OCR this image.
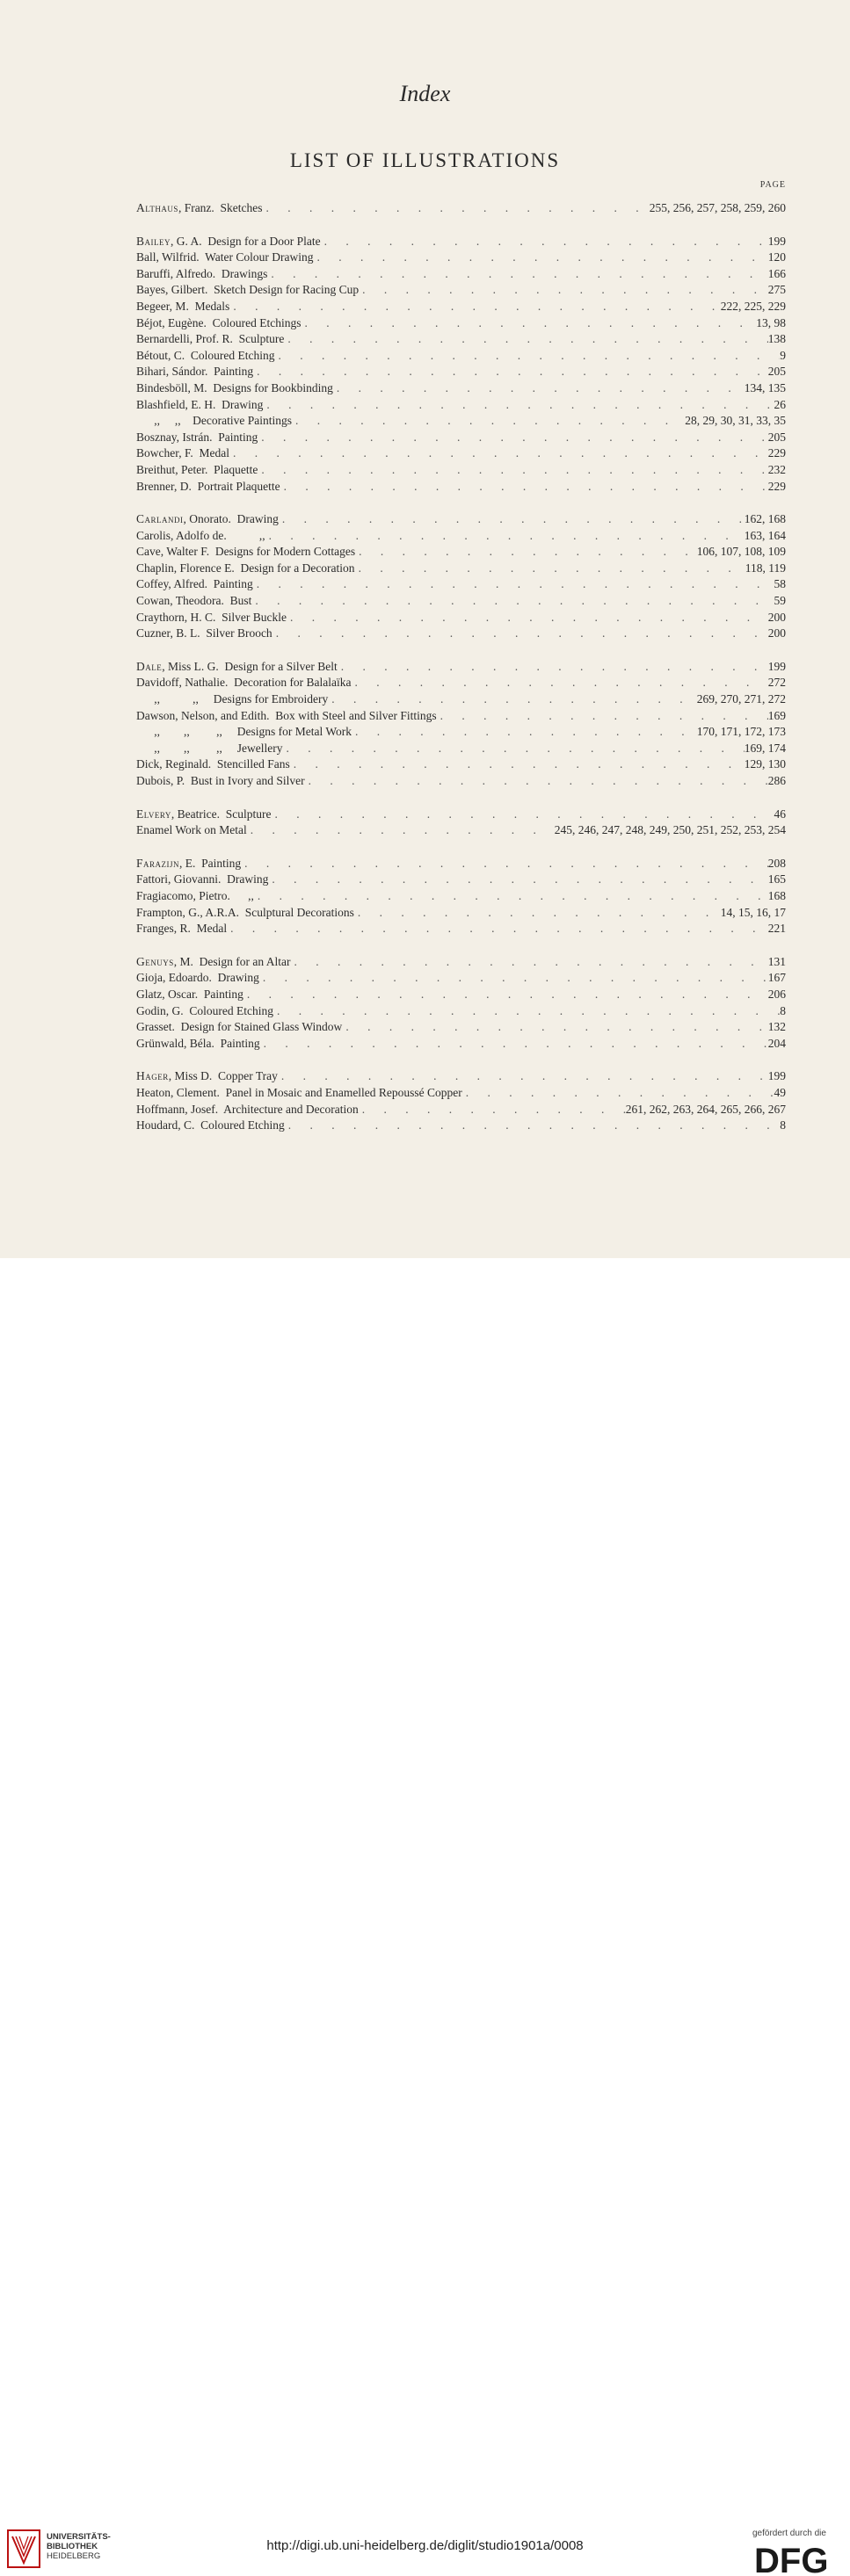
Index
LIST OF ILLUSTRATIONS
PAGE
Althaus, Franz.  Sketches . . .	255, 256, 257, 258, 259, 260
Bailey, G. A.  Design for a Door Plate . . .	199
Ball, Wilfrid.  Water Colour Drawing . . .	120
Baruffi, Alfredo.  Drawings . . .	166
Bayes, Gilbert.  Sketch Design for Racing Cup . . .	275
Begeer, M.  Medals . . .	222, 225, 229
Béjot, Eugène.  Coloured Etchings . . .	13, 98
Bernardelli, Prof. R.  Sculpture . . .	138
Bétout, C.  Coloured Etching . . .	9
Bihari, Sándor.  Painting . . .	205
Bindesböll, M.  Designs for Bookbinding . . .	134, 135
Blashfield, E. H.  Drawing . . .	26
,,     ,,    Decorative Paintings . . .	28, 29, 30, 31, 33, 35
Bosznay, Istrán.  Painting . . .	205
Bowcher, F.  Medal . . .	229
Breithut, Peter.  Plaquette . . .	232
Brenner, D.  Portrait Plaquette . . .	229
Carlandi, Onorato.  Drawing . . .	162, 168
Carolis, Adolfo de.           ,, . . .	163, 164
Cave, Walter F.  Designs for Modern Cottages . . .	106, 107, 108, 109
Chaplin, Florence E.  Design for a Decoration . . .	118, 119
Coffey, Alfred.  Painting . . .	58
Cowan, Theodora.  Bust . . .	59
Craythorn, H. C.  Silver Buckle . . .	200
Cuzner, B. L.  Silver Brooch . . .	200
Dale, Miss L. G.  Design for a Silver Belt . . .	199
Davidoff, Nathalie.  Decoration for Balalaïka . . .	272
,,           ,,     Designs for Embroidery . . .	269, 270, 271, 272
Dawson, Nelson, and Edith.  Box with Steel and Silver Fittings . . .	169
,,        ,,         ,,     Designs for Metal Work . . .	170, 171, 172, 173
,,        ,,         ,,     Jewellery . . .	169, 174
Dick, Reginald.  Stencilled Fans . . .	129, 130
Dubois, P.  Bust in Ivory and Silver . . .	286
Elvery, Beatrice.  Sculpture . . .	46
Enamel Work on Metal . . .	245, 246, 247, 248, 249, 250, 251, 252, 253, 254
Farazijn, E.  Painting . . .	208
Fattori, Giovanni.  Drawing . . .	165
Fragiacomo, Pietro.      ,, . . .	168
Frampton, G., A.R.A.  Sculptural Decorations . . .	14, 15, 16, 17
Franges, R.  Medal . . .	221
Genuys, M.  Design for an Altar . . .	131
Gioja, Edoardo.  Drawing . . .	167
Glatz, Oscar.  Painting . . .	206
Godin, G.  Coloured Etching . . .	8
Grasset.  Design for Stained Glass Window . . .	132
Grünwald, Béla.  Painting . . .	204
Hager, Miss D.  Copper Tray . . .	199
Heaton, Clement.  Panel in Mosaic and Enamelled Repoussé Copper . . .	49
Hoffmann, Josef.  Architecture and Decoration . . .	261, 262, 263, 264, 265, 266, 267
Houdard, C.  Coloured Etching . . .	8
UNIVERSITÄTS-
BIBLIOTHEK
HEIDELBERG
http://digi.ub.uni-heidelberg.de/diglit/studio1901a/0008
gefördert durch die
DFG
